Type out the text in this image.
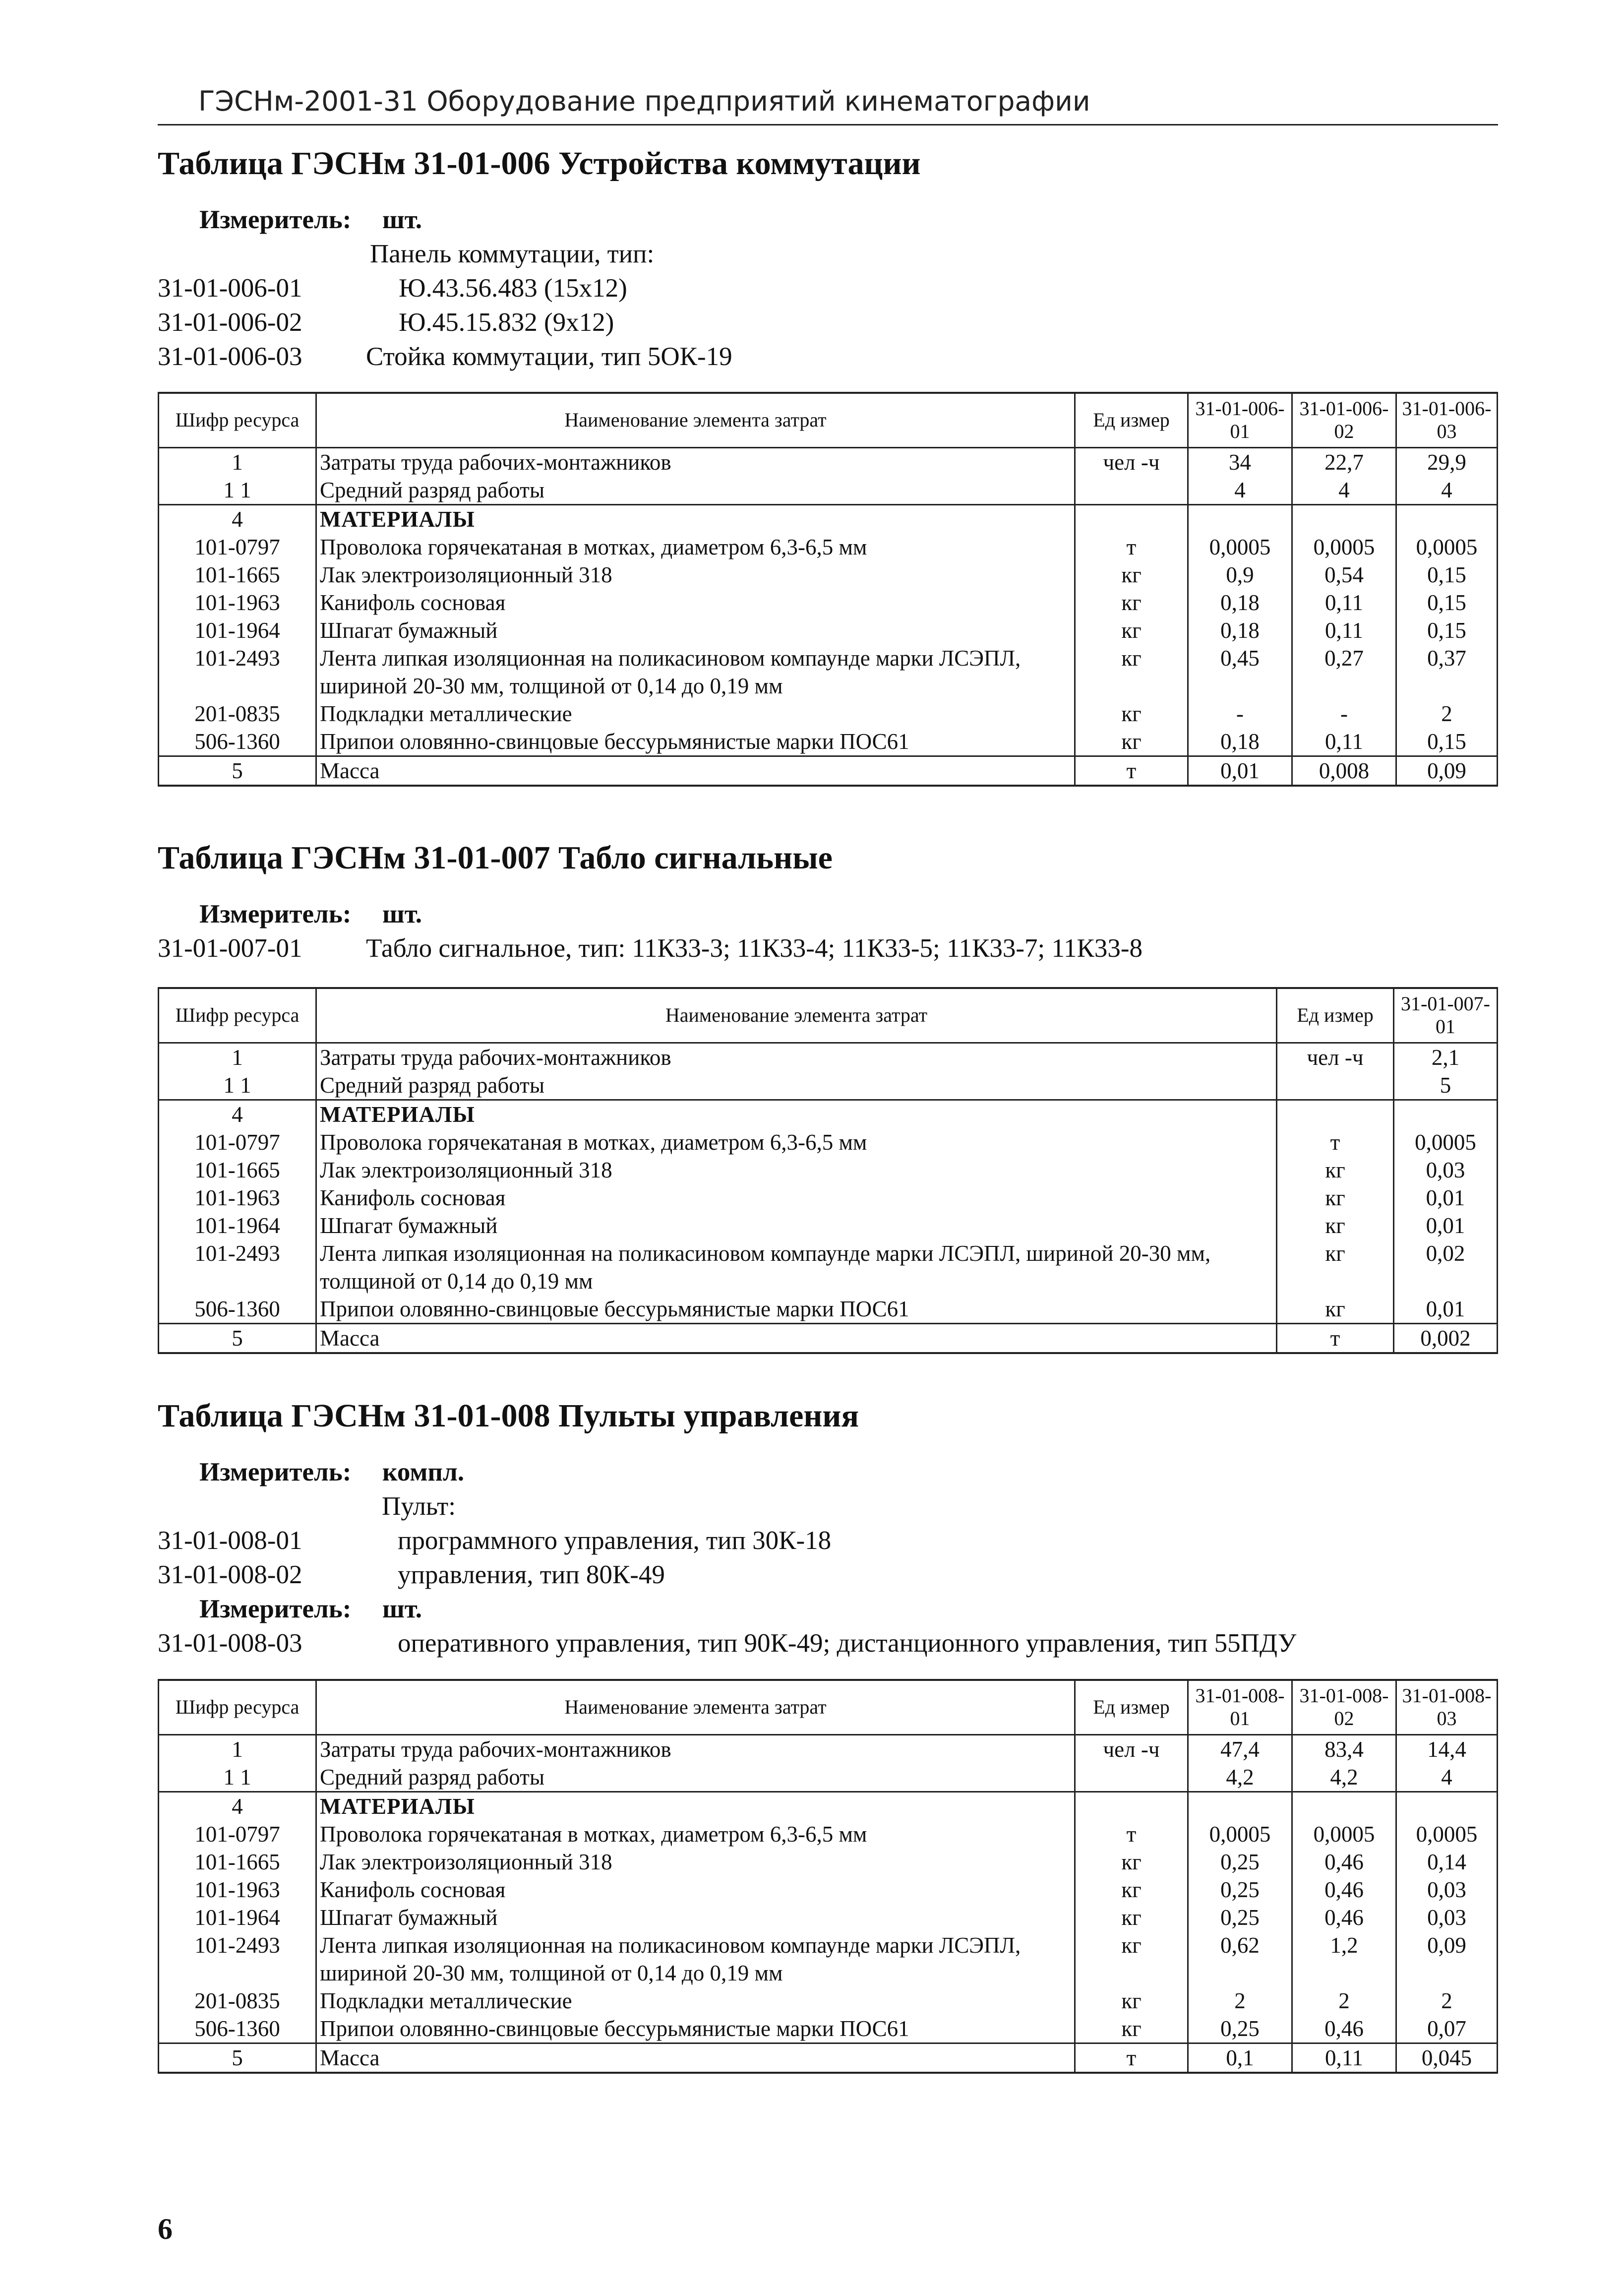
ГЭСНм-2001-31 Оборудование предприятий кинематографии
Таблица ГЭСНм 31-01-006 Устройства коммутации
Измеритель: шт.
Панель коммутации, тип:
31-01-006-01	Ю.43.56.483 (15х12)
31-01-006-02	Ю.45.15.832 (9х12)
31-01-006-03 Стойка коммутации, тип 5ОК-19
Шифр ресурса	Наименование элемента затрат	Ед измер	31-01-006-01	31-01-006-02	31-01-006-03
1	Затраты труда рабочих-монтажников	чел -ч	34	22,7	29,9
1 1	Средний разряд работы		4	4	4
4	МАТЕРИАЛЫ				
101-0797	Проволока горячекатаная в мотках, диаметром 6,3-6,5 мм	т	0,0005	0,0005	0,0005
101-1665	Лак электроизоляционный 318	кг	0,9	0,54	0,15
101-1963	Канифоль сосновая	кг	0,18	0,11	0,15
101-1964	Шпагат бумажный	кг	0,18	0,11	0,15
101-2493	Лента липкая изоляционная на поликасиновом компаунде марки ЛСЭПЛ, шириной 20-30 мм, толщиной от 0,14 до 0,19 мм	кг	0,45	0,27	0,37
201-0835	Подкладки металлические	кг	-	-	2
506-1360	Припои оловянно-свинцовые бессурьмянистые марки ПОС61	кг	0,18	0,11	0,15
5	Масса	т	0,01	0,008	0,09
Таблица ГЭСНм 31-01-007 Табло сигнальные
Измеритель: шт.
31-01-007-01 Табло сигнальное, тип: 11К33-3; 11К33-4; 11К33-5; 11К33-7; 11К33-8
Шифр ресурса	Наименование элемента затрат	Ед измер	31-01-007-01
1	Затраты труда рабочих-монтажников	чел -ч	2,1
1 1	Средний разряд работы		5
4	МАТЕРИАЛЫ		
101-0797	Проволока горячекатаная в мотках, диаметром 6,3-6,5 мм	т	0,0005
101-1665	Лак электроизоляционный 318	кг	0,03
101-1963	Канифоль сосновая	кг	0,01
101-1964	Шпагат бумажный	кг	0,01
101-2493	Лента липкая изоляционная на поликасиновом компаунде марки ЛСЭПЛ, шириной 20-30 мм, толщиной от 0,14 до 0,19 мм	кг	0,02
506-1360	Припои оловянно-свинцовые бессурьмянистые марки ПОС61	кг	0,01
5	Масса	т	0,002
Таблица ГЭСНм 31-01-008 Пульты управления
Измеритель: компл.
Пульт:
31-01-008-01	программного управления, тип 30К-18
31-01-008-02	управления, тип 80К-49
Измеритель: шт.
31-01-008-03	оперативного управления, тип 90К-49; дистанционного управления, тип 55ПДУ
Шифр ресурса	Наименование элемента затрат	Ед измер	31-01-008-01	31-01-008-02	31-01-008-03
1	Затраты труда рабочих-монтажников	чел -ч	47,4	83,4	14,4
1 1	Средний разряд работы		4,2	4,2	4
4	МАТЕРИАЛЫ				
101-0797	Проволока горячекатаная в мотках, диаметром 6,3-6,5 мм	т	0,0005	0,0005	0,0005
101-1665	Лак электроизоляционный 318	кг	0,25	0,46	0,14
101-1963	Канифоль сосновая	кг	0,25	0,46	0,03
101-1964	Шпагат бумажный	кг	0,25	0,46	0,03
101-2493	Лента липкая изоляционная на поликасиновом компаунде марки ЛСЭПЛ, шириной 20-30 мм, толщиной от 0,14 до 0,19 мм	кг	0,62	1,2	0,09
201-0835	Подкладки металлические	кг	2	2	2
506-1360	Припои оловянно-свинцовые бессурьмянистые марки ПОС61	кг	0,25	0,46	0,07
5	Масса	т	0,1	0,11	0,045
6
